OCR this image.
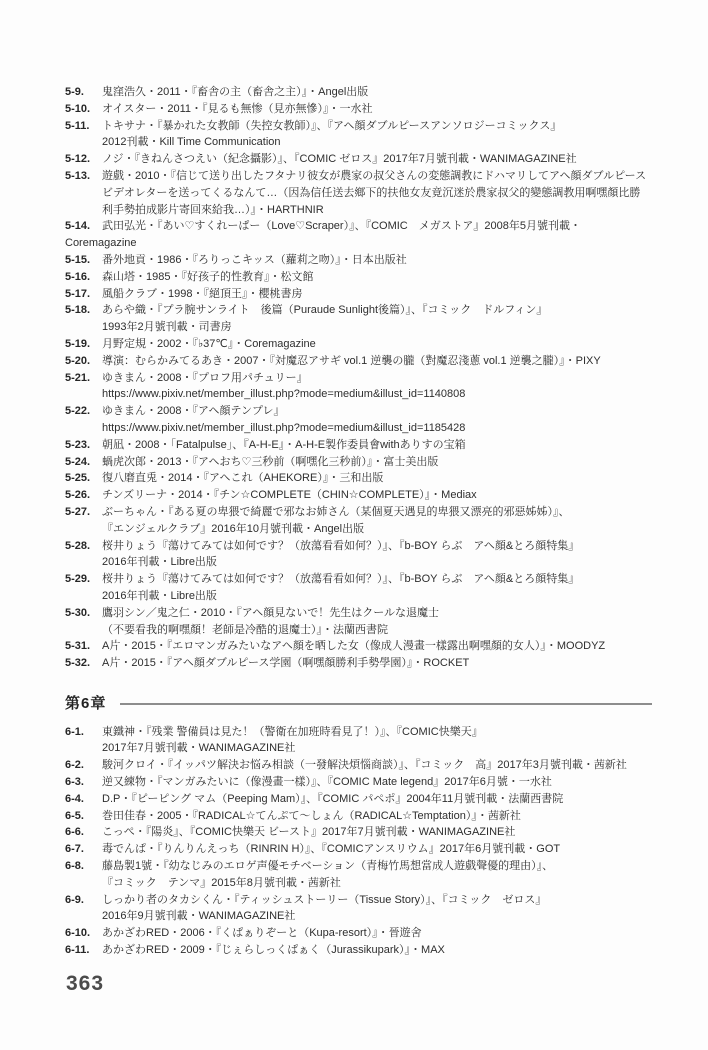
5-9.	鬼窪浩久・2011・『畜舎の主（畜舎之主）』・Angel出版
5-10.	オイスター・2011・『見るも無惨（見亦無慘）』・一水社
5-11.	トキサナ・『暴かれた女教師（失控女教師）』、『アヘ顔ダブルピースアンソロジーコミックス』
2012刊載・Kill Time Communication
5-12.	ノジ・『きねんさつえい（紀念攝影）』、『COMIC ゼロス』2017年7月號刊載・WANIMAGAZINE社
5-13.	遊戲・2010・『信じて送り出したフタナリ彼女が農家の叔父さんの変態調教にドハマリしてアヘ顔ダブルピース
ビデオレターを送ってくるなんて…（因為信任送去鄉下的扶他女友竟沉迷於農家叔父的變態調教用啊嘿顏比勝
利手勢拍成影片寄回來給我…）』・HARTHNIR
5-14.	武田弘光・『あい♡すくれーぱー（Love♡Scraper）』、『COMIC　メガストア』2008年5月號刊載・
Coremagazine
5-15.	番外地貢・1986・『ろりっこキッス（蘿莉之吻）』・日本出版社
5-16.	森山塔・1985・『好孩子的性教育』・松文館
5-17.	風船クラブ・1998・『絕頂王』・櫻桃書房
5-18.	あらや織・『プラ腕サンライト　後篇（Puraude Sunlight後篇）』、『コミック　ドルフィン』
1993年2月號刊載・司書房
5-19.	月野定規・2002・『♭37℃』・Coremagazine
5-20.	導演：むらかみてるあき・2007・『対魔忍アサギ vol.1 逆襲の朧（對魔忍淺蔥 vol.1 逆襲之朧）』・PIXY
5-21.	ゆきまん・2008・『プロフ用パチュリー』
https://www.pixiv.net/member_illust.php?mode=medium&illust_id=1140808
5-22.	ゆきまん・2008・『アヘ顔テンプレ』
https://www.pixiv.net/member_illust.php?mode=medium&illust_id=1185428
5-23.	朝凪・2008・「Fatalpulse」、『A-H-E』・A-H-E製作委員會withありすの宝箱
5-24.	蝸虎次郎・2013・『アヘおち♡三秒前（啊嘿化三秒前）』・富士美出版
5-25.	復八磨直兎・2014・『アヘこれ（AHEKORE）』・三和出版
5-26.	チンズリーナ・2014・『チン☆COMPLETE（CHIN☆COMPLETE）』・Mediax
5-27.	ぶーちゃん・『ある夏の卑猥で綺麗で邪なお姉さん（某個夏天遇見的卑猥又漂亮的邪惡姊姊）』、
『エンジェルクラブ』2016年10月號刊載・Angel出版
5-28.	桜井りょう『蕩けてみては如何です？（放蕩看看如何？）』、『b-BOY らぶ　アヘ顔&とろ顔特集』
2016年刊載・Libre出版
5-29.	桜井りょう『蕩けてみては如何です？（放蕩看看如何？）』、『b-BOY らぶ　アヘ顔&とろ顔特集』
2016年刊載・Libre出版
5-30.	鷹羽シン／鬼之仁・2010・『アヘ顔見ないで！先生はクールな退魔士
（不要看我的啊嘿顏！老師是冷酷的退魔士）』・法蘭西書院
5-31.	A片・2015・『エロマンガみたいなアヘ顔を晒した女（像成人漫畫一樣露出啊嘿顏的女人）』・MOODYZ
5-32.	A片・2015・『アヘ顔ダブルピース学園（啊嘿顏勝利手勢學園）』・ROCKET
第6章
6-1.	東鐵神・『残業 警備員は見た！（警衛在加班時看見了！）』、『COMIC快樂天』
2017年7月號刊載・WANIMAGAZINE社
6-2.	駿河クロイ・『イッパツ解決お悩み相談（一發解決煩惱商談）』、『コミック　高』2017年3月號刊載・茜新社
6-3.	逆又練物・『マンガみたいに（像漫畫一樣）』、『COMIC Mate legend』2017年6月號・一水社
6-4.	D.P・『ピーピング マム（Peeping Mam）』、『COMIC パペポ』2004年11月號刊載・法蘭西書院
6-5.	巻田佳春・2005・『RADICAL☆てんぷて〜しょん（RADICAL☆Temptation）』・茜新社
6-6.	こっぺ・『陽炎』、『COMIC快樂天 ビースト』2017年7月號刊載・WANIMAGAZINE社
6-7.	毒でんぱ・『りんりんえっち（RINRIN H）』、『COMICアンスリウム』2017年6月號刊載・GOT
6-8.	藤島製1號・『幼なじみのエロゲ声優モチベーション（青梅竹馬想當成人遊戲聲優的理由）』、
『コミック　テンマ』2015年8月號刊載・茜新社
6-9.	しっかり者のタカシくん・『ティッシュストーリー（Tissue Story）』、『コミック　ゼロス』
2016年9月號刊載・WANIMAGAZINE社
6-10.	あかざわRED・2006・『くぱぁりぞーと（Kupa-resort）』・晉遊舍
6-11.	あかざわRED・2009・『じぇらしっくぱぁく（Jurassikupark）』・MAX
363
